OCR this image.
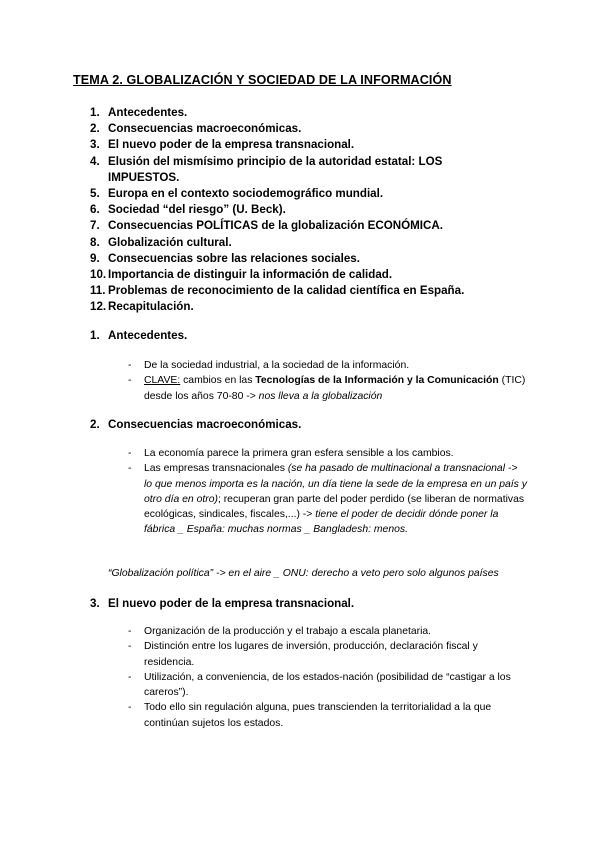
TEMA 2. GLOBALIZACIÓN Y SOCIEDAD DE LA INFORMACIÓN
1. Antecedentes.
2. Consecuencias macroeconómicas.
3. El nuevo poder de la empresa transnacional.
4. Elusión del mismísimo principio de la autoridad estatal: LOS IMPUESTOS.
5. Europa en el contexto sociodemográfico mundial.
6. Sociedad “del riesgo” (U. Beck).
7. Consecuencias POLÍTICAS de la globalización ECONÓMICA.
8. Globalización cultural.
9. Consecuencias sobre las relaciones sociales.
10. Importancia de distinguir la información de calidad.
11. Problemas de reconocimiento de la calidad científica en España.
12. Recapitulación.
1. Antecedentes.
- De la sociedad industrial, a la sociedad de la información.
- CLAVE: cambios en las Tecnologías de la Información y la Comunicación (TIC) desde los años 70-80 -> nos lleva a la globalización
2. Consecuencias macroeconómicas.
- La economía parece la primera gran esfera sensible a los cambios.
- Las empresas transnacionales (se ha pasado de multinacional a transnacional -> lo que menos importa es la nación, un día tiene la sede de la empresa en un país y otro día en otro); recuperan gran parte del poder perdido (se liberan de normativas ecológicas, sindicales, fiscales,...) -> tiene el poder de decidir dónde poner la fábrica _ España: muchas normas _ Bangladesh: menos.
“Globalización política” -> en el aire _ ONU: derecho a veto pero solo algunos países
3. El nuevo poder de la empresa transnacional.
- Organización de la producción y el trabajo a escala planetaria.
- Distinción entre los lugares de inversión, producción, declaración fiscal y residencia.
- Utilización, a conveniencia, de los estados-nación (posibilidad de “castigar a los careros”).
- Todo ello sin regulación alguna, pues transcienden la territorialidad a la que continúan sujetos los estados.
